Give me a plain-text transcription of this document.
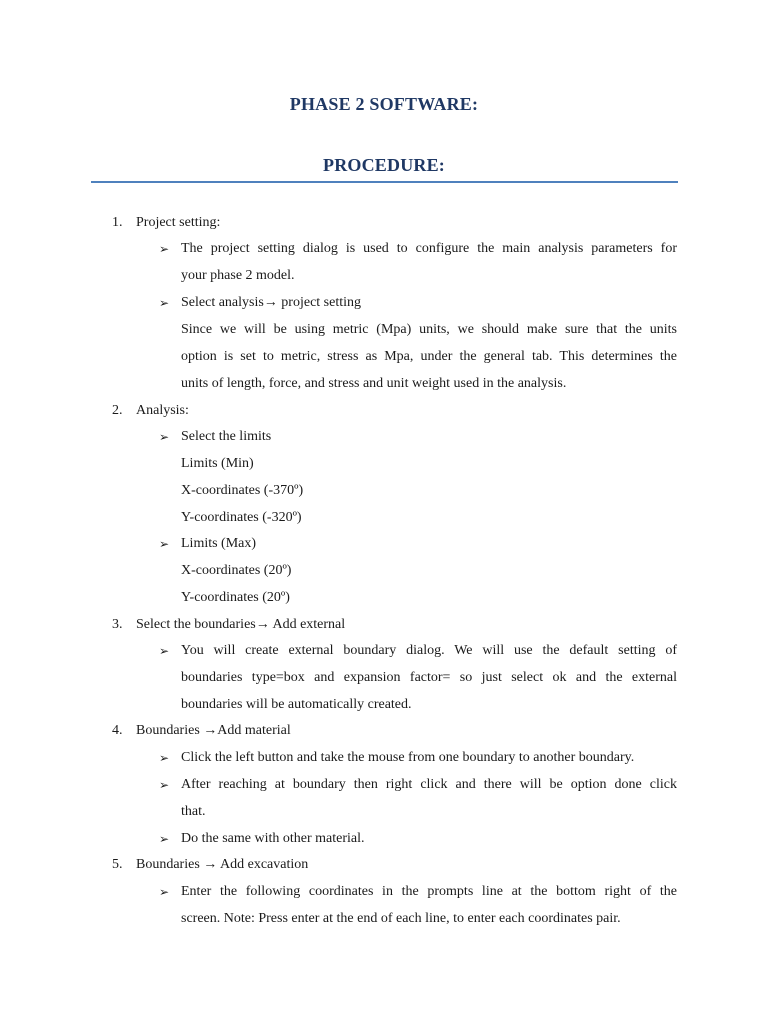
PHASE 2 SOFTWARE:
PROCEDURE:
1. Project setting:
➢ The project setting dialog is used to configure the main analysis parameters for
your phase 2 model.
➢ Select analysis→ project setting
Since we will be using metric (Mpa) units, we should make sure that the units
option is set to metric, stress as Mpa, under the general tab. This determines the
units of length, force, and stress and unit weight used in the analysis.
2. Analysis:
➢ Select the limits
Limits (Min)
X-coordinates (-370º)
Y-coordinates (-320º)
➢ Limits (Max)
X-coordinates (20º)
Y-coordinates (20º)
3. Select the boundaries→ Add external
➢ You will create external boundary dialog. We will use the default setting of
boundaries type=box and expansion factor= so just select ok and the external
boundaries will be automatically created.
4. Boundaries →Add material
➢ Click the left button and take the mouse from one boundary to another boundary.
➢ After reaching at boundary then right click and there will be option done click
that.
➢ Do the same with other material.
5. Boundaries → Add excavation
➢ Enter the following coordinates in the prompts line at the bottom right of the
screen. Note: Press enter at the end of each line, to enter each coordinates pair.
